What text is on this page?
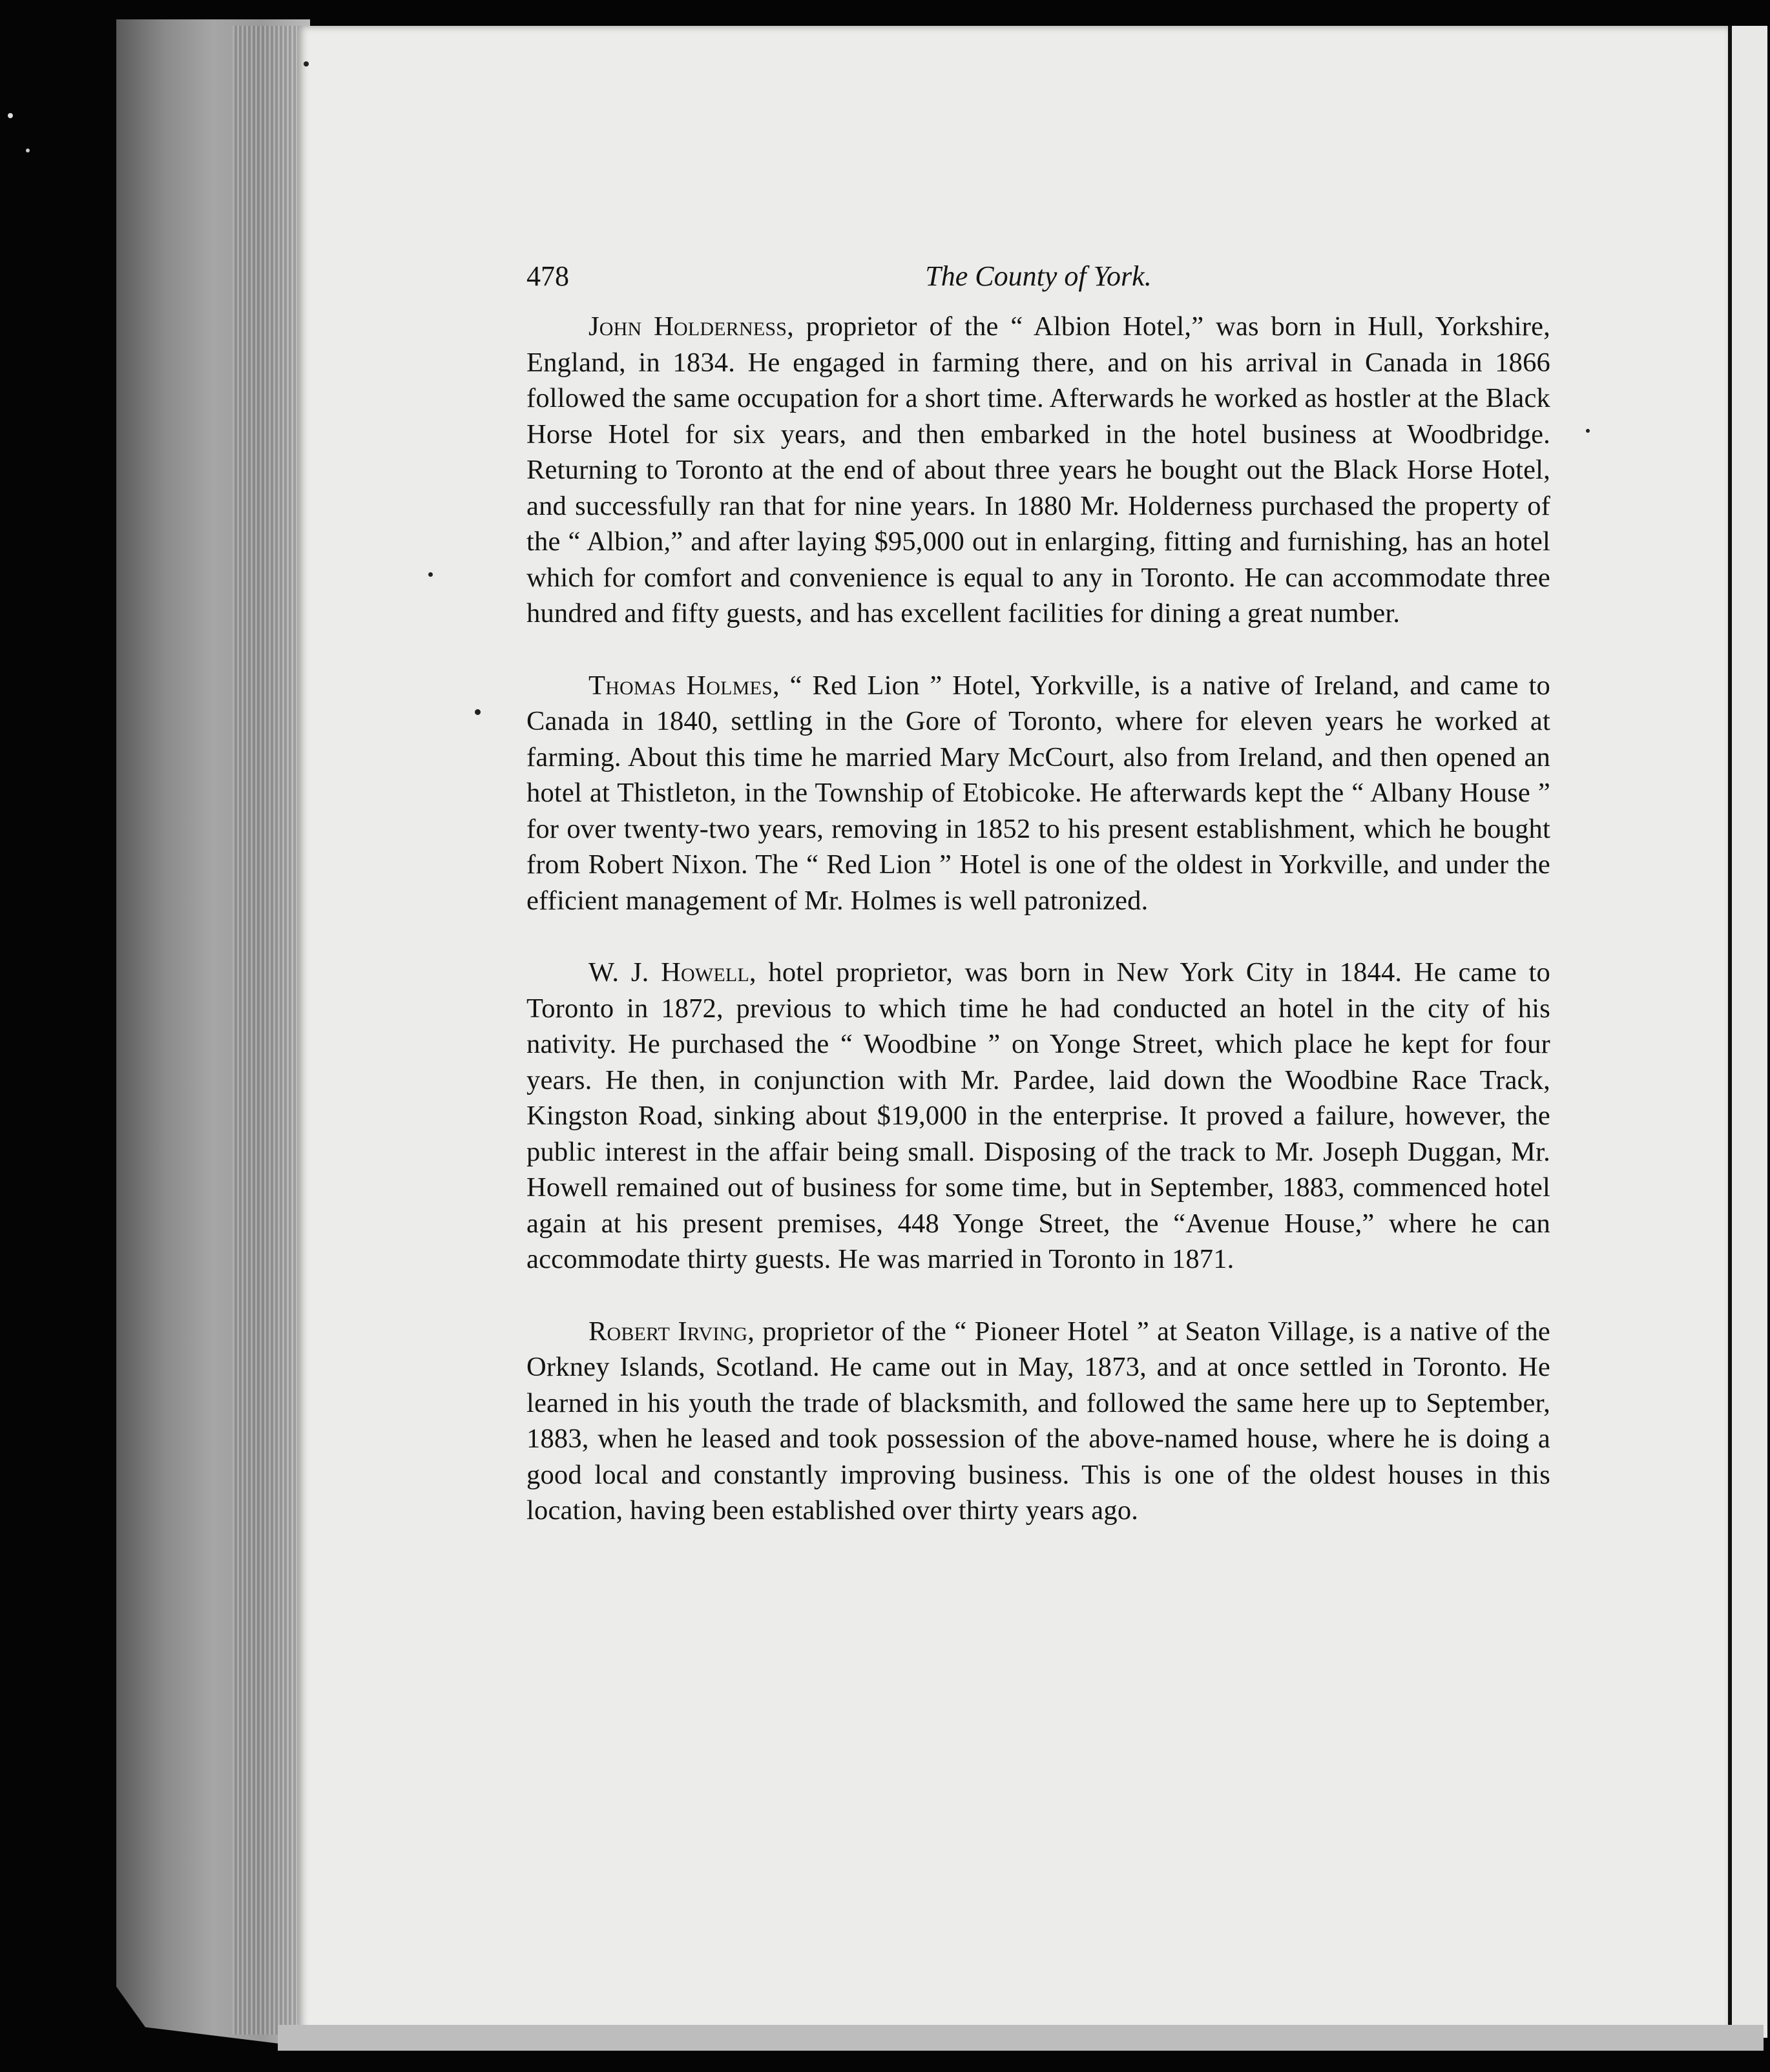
478	The County of York.

John Holderness, proprietor of the “ Albion Hotel,” was born in Hull, Yorkshire, England, in 1834. He engaged in farming there, and on his arrival in Canada in 1866 followed the same occupation for a short time. Afterwards he worked as hostler at the Black Horse Hotel for six years, and then embarked in the hotel business at Woodbridge. Returning to Toronto at the end of about three years he bought out the Black Horse Hotel, and successfully ran that for nine years. In 1880 Mr. Holderness purchased the property of the “ Albion,” and after laying $95,000 out in enlarging, fitting and furnishing, has an hotel which for comfort and convenience is equal to any in Toronto. He can accommodate three hundred and fifty guests, and has excellent facilities for dining a great number.

Thomas Holmes, “ Red Lion ” Hotel, Yorkville, is a native of Ireland, and came to Canada in 1840, settling in the Gore of Toronto, where for eleven years he worked at farming. About this time he married Mary McCourt, also from Ireland, and then opened an hotel at Thistleton, in the Township of Etobicoke. He afterwards kept the “ Albany House ” for over twenty-two years, removing in 1852 to his present establishment, which he bought from Robert Nixon. The “ Red Lion ” Hotel is one of the oldest in Yorkville, and under the efficient management of Mr. Holmes is well patronized.

W. J. Howell, hotel proprietor, was born in New York City in 1844. He came to Toronto in 1872, previous to which time he had conducted an hotel in the city of his nativity. He purchased the “ Woodbine ” on Yonge Street, which place he kept for four years. He then, in conjunction with Mr. Pardee, laid down the Woodbine Race Track, Kingston Road, sinking about $19,000 in the enterprise. It proved a failure, however, the public interest in the affair being small. Disposing of the track to Mr. Joseph Duggan, Mr. Howell remained out of business for some time, but in September, 1883, commenced hotel again at his present premises, 448 Yonge Street, the “Avenue House,” where he can accommodate thirty guests. He was married in Toronto in 1871.

Robert Irving, proprietor of the “ Pioneer Hotel ” at Seaton Village, is a native of the Orkney Islands, Scotland. He came out in May, 1873, and at once settled in Toronto. He learned in his youth the trade of blacksmith, and followed the same here up to September, 1883, when he leased and took possession of the above-named house, where he is doing a good local and constantly improving business. This is one of the oldest houses in this location, having been established over thirty years ago.
